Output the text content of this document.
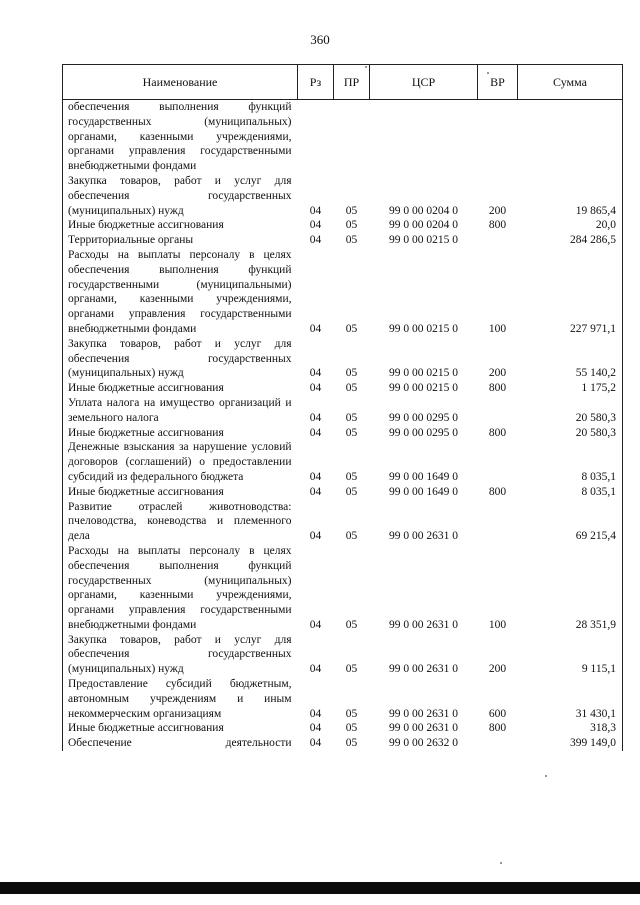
360
Наименование	Рз	ПР	ЦСР	ВР	Сумма
обеспечения выполнения функций государственных (муниципальных) органами, казенными учреждениями, органами управления государственными внебюджетными фондами					
Закупка товаров, работ и услуг для обеспечения государственных (муниципальных) нужд	04	05	99 0 00 0204 0	200	19 865,4
Иные бюджетные ассигнования	04	05	99 0 00 0204 0	800	20,0
Территориальные органы	04	05	99 0 00 0215 0		284 286,5
Расходы на выплаты персоналу в целях обеспечения выполнения функций государственными (муниципальными) органами, казенными учреждениями, органами управления государственными внебюджетными фондами	04	05	99 0 00 0215 0	100	227 971,1
Закупка товаров, работ и услуг для обеспечения государственных (муниципальных) нужд	04	05	99 0 00 0215 0	200	55 140,2
Иные бюджетные ассигнования	04	05	99 0 00 0215 0	800	1 175,2
Уплата налога на имущество организаций и земельного налога	04	05	99 0 00 0295 0		20 580,3
Иные бюджетные ассигнования	04	05	99 0 00 0295 0	800	20 580,3
Денежные взыскания за нарушение условий договоров (соглашений) о предоставлении субсидий из федерального бюджета	04	05	99 0 00 1649 0		8 035,1
Иные бюджетные ассигнования	04	05	99 0 00 1649 0	800	8 035,1
Развитие отраслей животноводства: пчеловодства, коневодства и племенного дела	04	05	99 0 00 2631 0		69 215,4
Расходы на выплаты персоналу в целях обеспечения выполнения функций государственных (муниципальных) органами, казенными учреждениями, органами управления государственными внебюджетными фондами	04	05	99 0 00 2631 0	100	28 351,9
Закупка товаров, работ и услуг для обеспечения государственных (муниципальных) нужд	04	05	99 0 00 2631 0	200	9 115,1
Предоставление субсидий бюджетным, автономным учреждениям и иным некоммерческим организациям	04	05	99 0 00 2631 0	600	31 430,1
Иные бюджетные ассигнования	04	05	99 0 00 2631 0	800	318,3
Обеспечение деятельности	04	05	99 0 00 2632 0		399 149,0
